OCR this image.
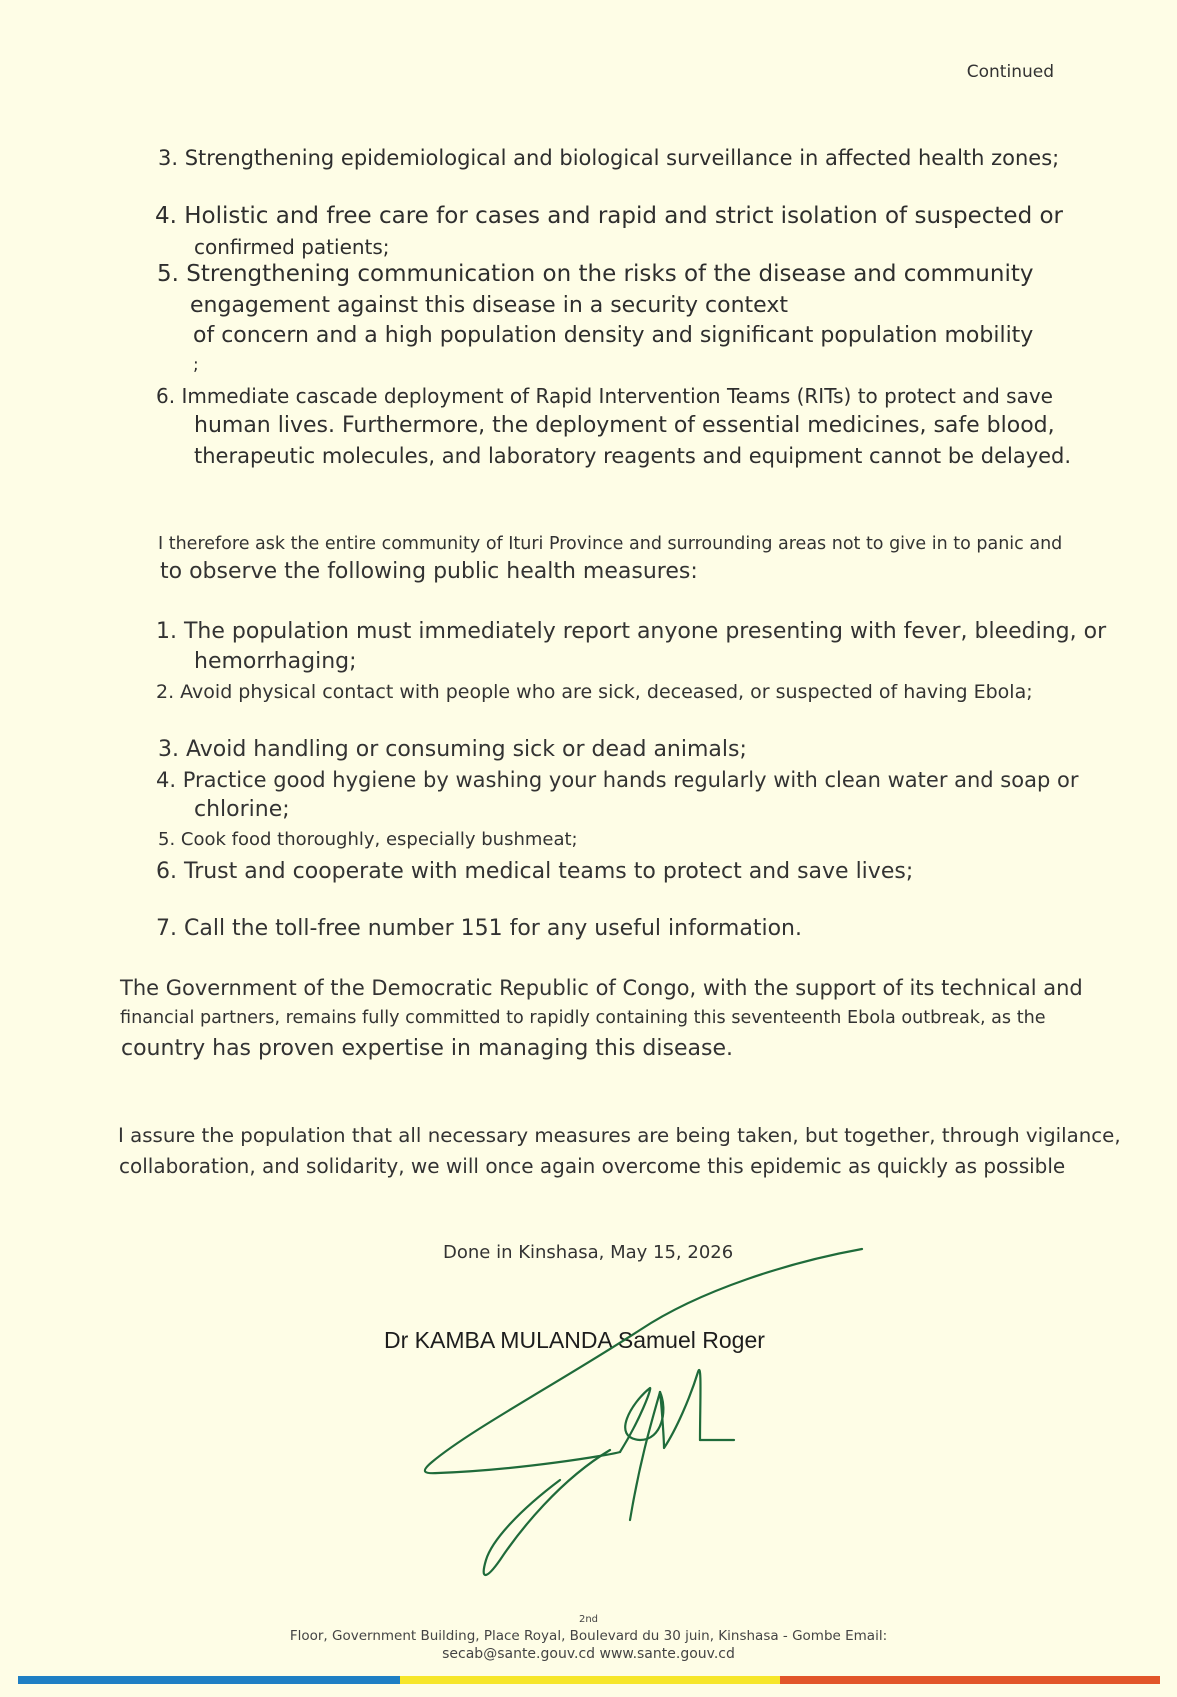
Continued
3. Strengthening epidemiological and biological surveillance in affected health zones;
4. Holistic and free care for cases and rapid and strict isolation of suspected or
confirmed patients;
5. Strengthening communication on the risks of the disease and community
engagement against this disease in a security context
of concern and a high population density and significant population mobility
;
6. Immediate cascade deployment of Rapid Intervention Teams (RITs) to protect and save
human lives. Furthermore, the deployment of essential medicines, safe blood,
therapeutic molecules, and laboratory reagents and equipment cannot be delayed.
I therefore ask the entire community of Ituri Province and surrounding areas not to give in to panic and
to observe the following public health measures:
1. The population must immediately report anyone presenting with fever, bleeding, or
hemorrhaging;
2. Avoid physical contact with people who are sick, deceased, or suspected of having Ebola;
3. Avoid handling or consuming sick or dead animals;
4. Practice good hygiene by washing your hands regularly with clean water and soap or
chlorine;
5. Cook food thoroughly, especially bushmeat;
6. Trust and cooperate with medical teams to protect and save lives;
7. Call the toll-free number 151 for any useful information.
The Government of the Democratic Republic of Congo, with the support of its technical and
financial partners, remains fully committed to rapidly containing this seventeenth Ebola outbreak, as the
country has proven expertise in managing this disease.
I assure the population that all necessary measures are being taken, but together, through vigilance,
collaboration, and solidarity, we will once again overcome this epidemic as quickly as possible
Done in Kinshasa, May 15, 2026
Dr KAMBA MULANDA Samuel Roger
2nd
Floor, Government Building, Place Royal, Boulevard du 30 juin, Kinshasa - Gombe Email:
secab@sante.gouv.cd www.sante.gouv.cd
